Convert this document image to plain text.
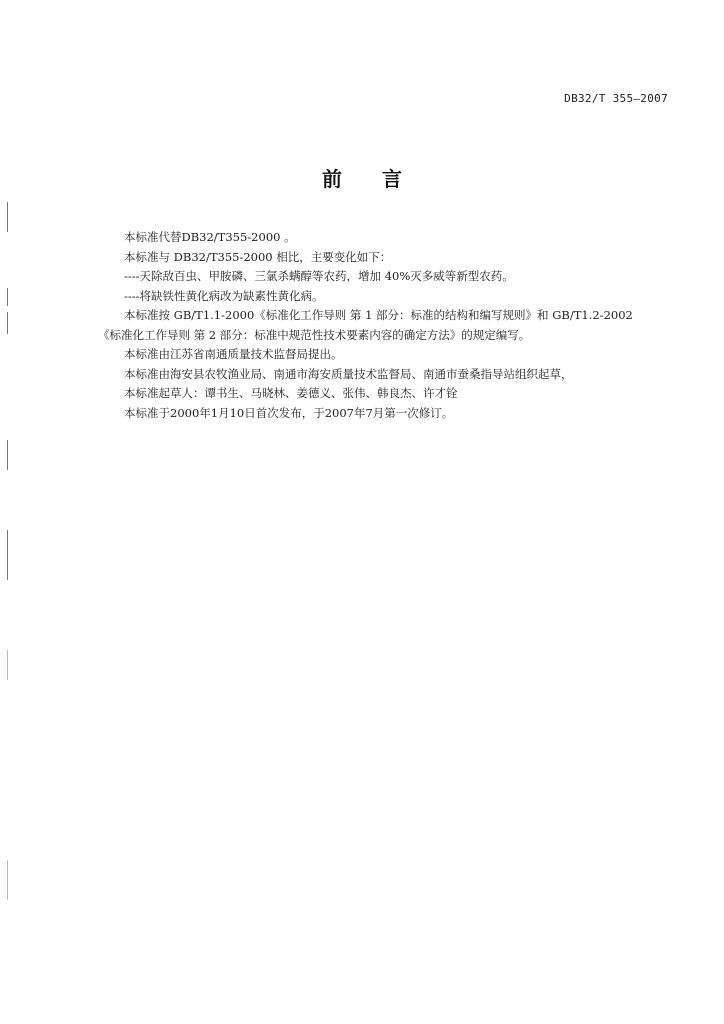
DB32/T 355—2007
前言

本标准代替DB32/T355-2000 。

本标准与 DB32/T355-2000 相比，主要变化如下：

----天除敌百虫、甲胺磷、三氯杀螨醇等农药，增加 40%灭多威等新型农药。

----将缺铁性黄化病改为缺素性黄化病。

本标准按 GB/T1.1-2000《标准化工作导则 第 1 部分：标准的结构和编写规则》和 GB/T1.2-2002

《标准化工作导则 第 2 部分：标准中规范性技术要素内容的确定方法》的规定编写。

本标准由江苏省南通质量技术监督局提出。

本标准由海安县农牧渔业局、南通市海安质量技术监督局、南通市蚕桑指导站组织起草，

本标准起草人：谭书生、马晓林、姜德义、张伟、韩良杰、许才铨

本标准于2000年1月10日首次发布，于2007年7月第一次修订。
